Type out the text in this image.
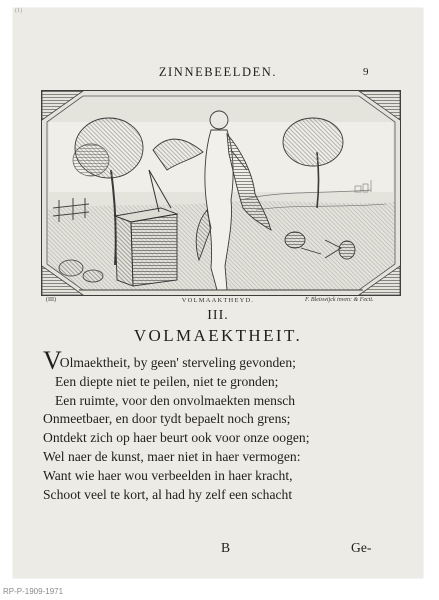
(1)
ZINNEBEELDEN.	9
(III)	VOLMAAKTHEYD.	F. Bleiswijck inven: & Fecit.
III.
VOLMAEKTHEIT.
VOlmaektheit, by geen' sterveling gevonden;
Een diepte niet te peilen, niet te gronden;
Een ruimte, voor den onvolmaekten mensch
Onmeetbaer, en door tydt bepaelt noch grens;
Ontdekt zich op haer beurt ook voor onze oogen;
Wel naer de kunst, maer niet in haer vermogen:
Want wie haer wou verbeelden in haer kracht,
Schoot veel te kort, al had hy zelf een schacht
B	Ge-
RP-P-1909-1971
